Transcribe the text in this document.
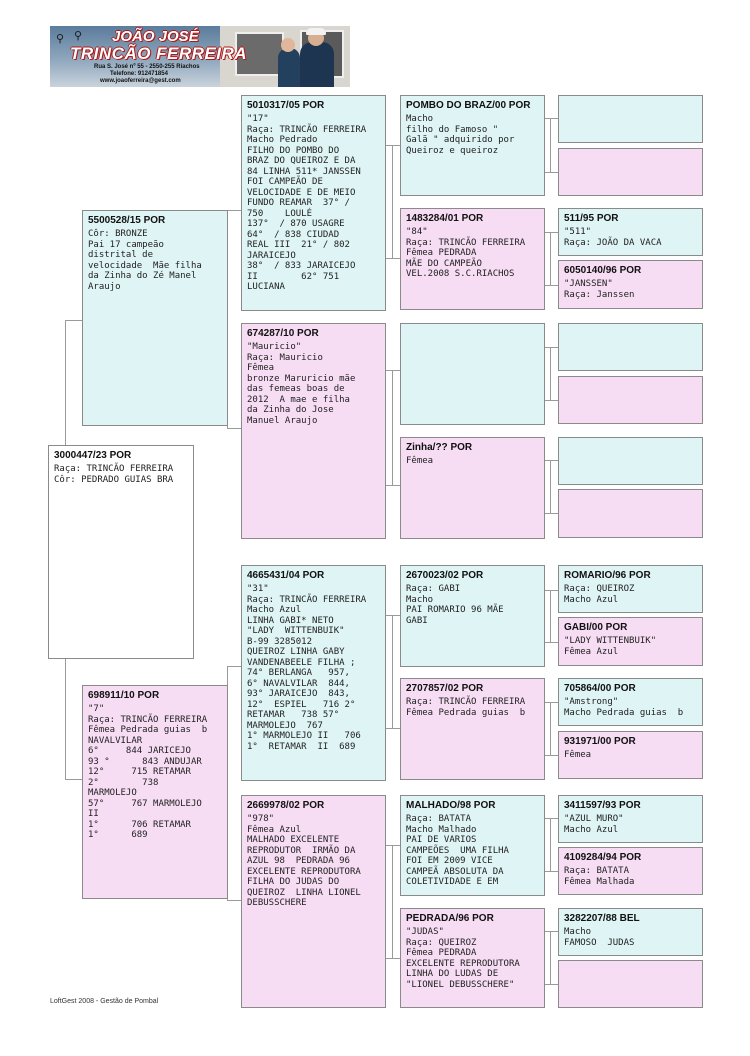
⚲ ⚲ JOÃO JOSÉ
TRINCÃO FERREIRA
Rua S. José nº 55 - 2550-255 Riachos
Telefone: 912471854
www.joaoferreira@gest.com
3000447/23 POR
Raça: TRINCÃO FERREIRA
Côr: PEDRADO GUIAS BRA
5500528/15 POR
Côr: BRONZE
Pai 17 campeão
distrital de
velocidade  Mãe filha
da Zinha do Zé Manel
Araujo
698911/10 POR
"7"
Raça: TRINCÃO FERREIRA
Fêmea Pedrada guias  b
NAVALVILAR
6°     844 JARICEJO
93 °      843 ANDUJAR
12°     715 RETAMAR
2°        738
MARMOLEJO
57°     767 MARMOLEJO
II
1°      706 RETAMAR
1°      689
5010317/05 POR
"17"
Raça: TRINCÃO FERREIRA
Macho Pedrado
FILHO DO POMBO DO
BRAZ DO QUEIROZ E DA
84 LINHA 511* JANSSEN
FOI CAMPEÃO DE
VELOCIDADE E DE MEIO
FUNDO REAMAR  37° /
750    LOULÉ
137°  / 870 USAGRE
64°  / 838 CIUDAD
REAL III  21° / 802
JARAICEJO
38°  / 833 JARAICEJO
II        62° 751
LUCIANA
674287/10 POR
"Mauricio"
Raça: Mauricio
Fêmea
bronze Maruricio mãe
das femeas boas de
2012  A mae e filha
da Zinha do Jose
Manuel Araujo
4665431/04 POR
"31"
Raça: TRINCÃO FERREIRA
Macho Azul
LINHA GABI* NETO
"LADY  WITTENBUIK"
B-99 3285012
QUEIROZ LINHA GABY
VANDENABEELE FILHA ;
74° BERLANGA   957,
6° NAVALVILAR  844,
93° JARAICEJO  843,
12°  ESPIEL   716 2°
RETAMAR   738 57°
MARMOLEJO  767
1° MARMOLEJO II   706
1°  RETAMAR  II  689
2669978/02 POR
"978"
Fêmea Azul
MALHADO EXCELENTE
REPRODUTOR  IRMÃO DA
AZUL 98  PEDRADA 96
EXCELENTE REPRODUTORA
FILHA DO JUDAS DO
QUEIROZ  LINHA LIONEL
DEBUSSCHERE
POMBO DO BRAZ/00 POR
Macho
filho do Famoso "
Galã " adquirido por
Queiroz e queiroz
1483284/01 POR
"84"
Raça: TRINCÃO FERREIRA
Fêmea PEDRADA
MÃE DO CAMPEÃO
VEL.2008 S.C.RIACHOS
Zinha/?? POR
Fêmea
2670023/02 POR
Raça: GABI
Macho
PAI ROMARIO 96 MÃE
GABI
2707857/02 POR
Raça: TRINCÃO FERREIRA
Fêmea Pedrada guias  b
MALHADO/98 POR
Raça: BATATA
Macho Malhado
PAI DE VARIOS
CAMPEÕES  UMA FILHA
FOI EM 2009 VICE
CAMPEÃ ABSOLUTA DA
COLETIVIDADE E EM
PEDRADA/96 POR
"JUDAS"
Raça: QUEIROZ
Fêmea PEDRADA
EXCELENTE REPRODUTORA
LINHA DO LUDAS DE
"LIONEL DEBUSSCHERE"
511/95 POR
"511"
Raça: JOÃO DA VACA
6050140/96 POR
"JANSSEN"
Raça: Janssen
ROMARIO/96 POR
Raça: QUEIROZ
Macho Azul
GABI/00 POR
"LADY WITTENBUIK"
Fêmea Azul
705864/00 POR
"Amstrong"
Macho Pedrada guias  b
931971/00 POR
Fêmea
3411597/93 POR
"AZUL MURO"
Macho Azul
4109284/94 POR
Raça: BATATA
Fêmea Malhada
3282207/88 BEL
Macho
FAMOSO  JUDAS
LoftGest 2008 - Gestão de Pombal
